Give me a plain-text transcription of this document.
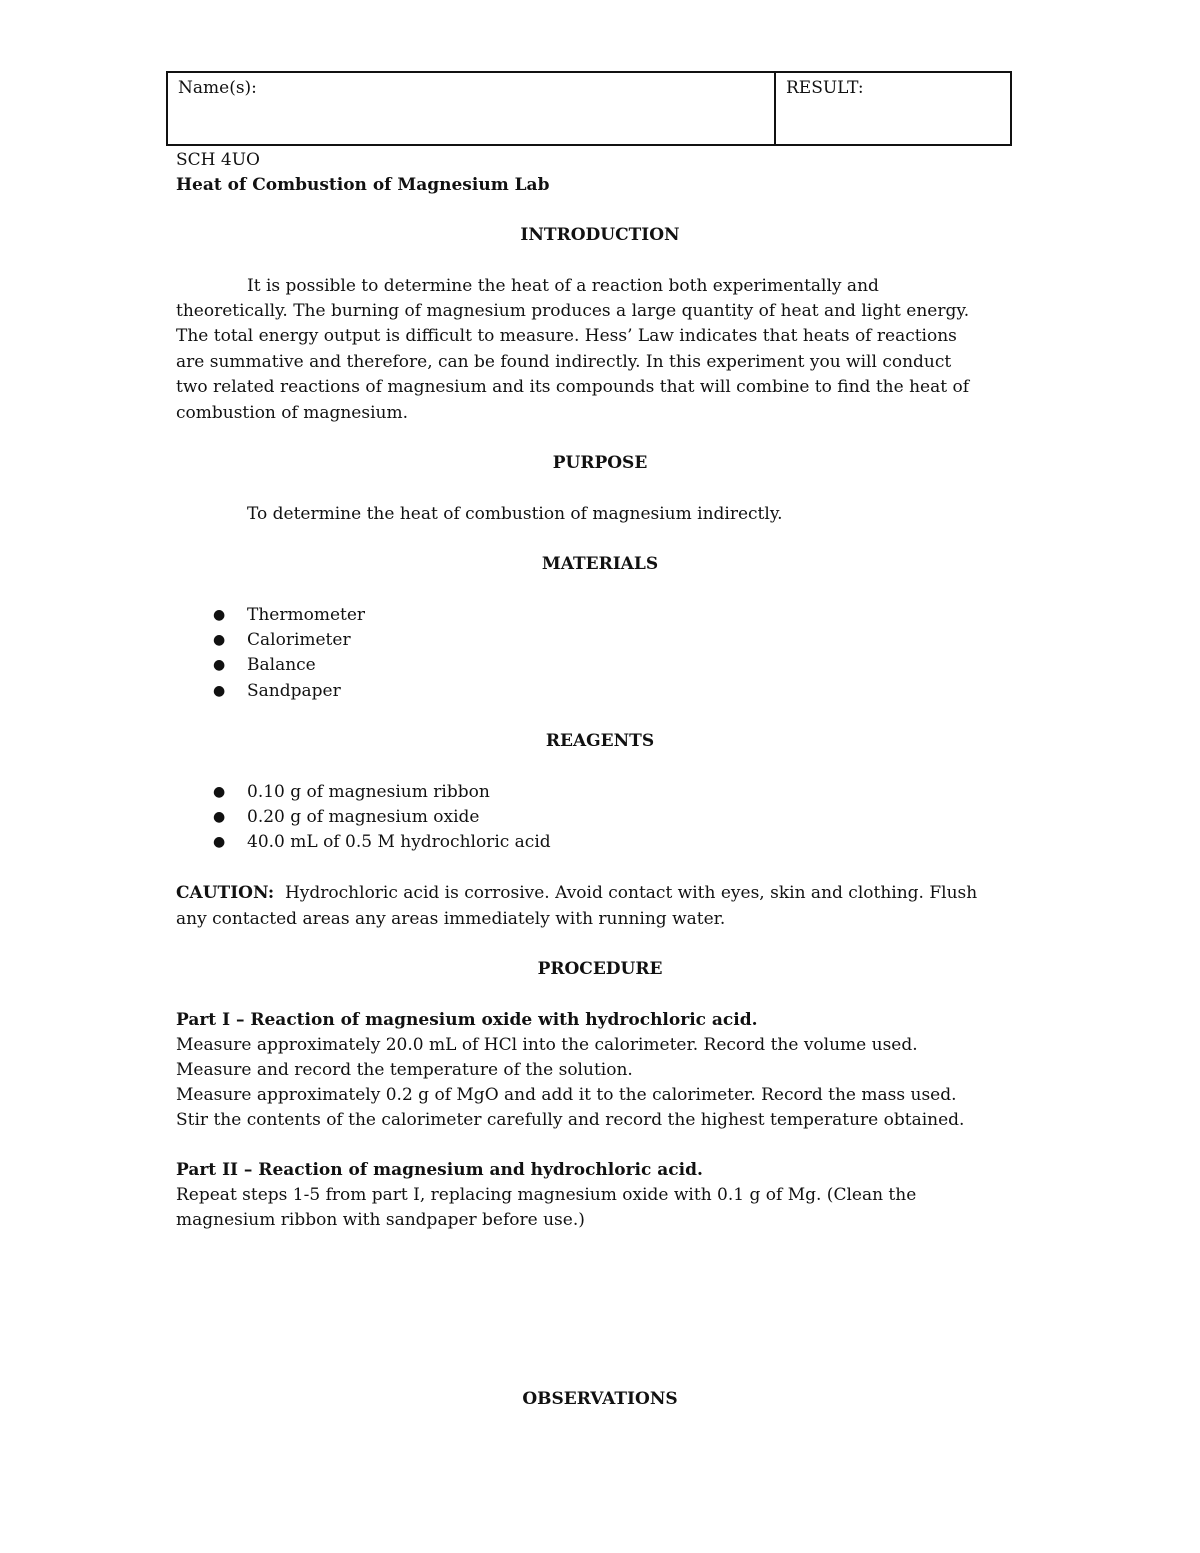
Name(s):	RESULT:
SCH 4UO
Heat of Combustion of Magnesium Lab
INTRODUCTION
It is possible to determine the heat of a reaction both experimentally and
theoretically. The burning of magnesium produces a large quantity of heat and light energy.
The total energy output is difficult to measure. Hess’ Law indicates that heats of reactions
are summative and therefore, can be found indirectly. In this experiment you will conduct
two related reactions of magnesium and its compounds that will combine to find the heat of
combustion of magnesium.
PURPOSE
To determine the heat of combustion of magnesium indirectly.
MATERIALS
● Thermometer
● Calorimeter
● Balance
● Sandpaper
REAGENTS
● 0.10 g of magnesium ribbon
● 0.20 g of magnesium oxide
● 40.0 mL of 0.5 M hydrochloric acid
CAUTION: Hydrochloric acid is corrosive. Avoid contact with eyes, skin and clothing. Flush
any contacted areas any areas immediately with running water.
PROCEDURE
Part I – Reaction of magnesium oxide with hydrochloric acid.
Measure approximately 20.0 mL of HCl into the calorimeter. Record the volume used.
Measure and record the temperature of the solution.
Measure approximately 0.2 g of MgO and add it to the calorimeter. Record the mass used.
Stir the contents of the calorimeter carefully and record the highest temperature obtained.
Part II – Reaction of magnesium and hydrochloric acid.
Repeat steps 1-5 from part I, replacing magnesium oxide with 0.1 g of Mg. (Clean the
magnesium ribbon with sandpaper before use.)
OBSERVATIONS
